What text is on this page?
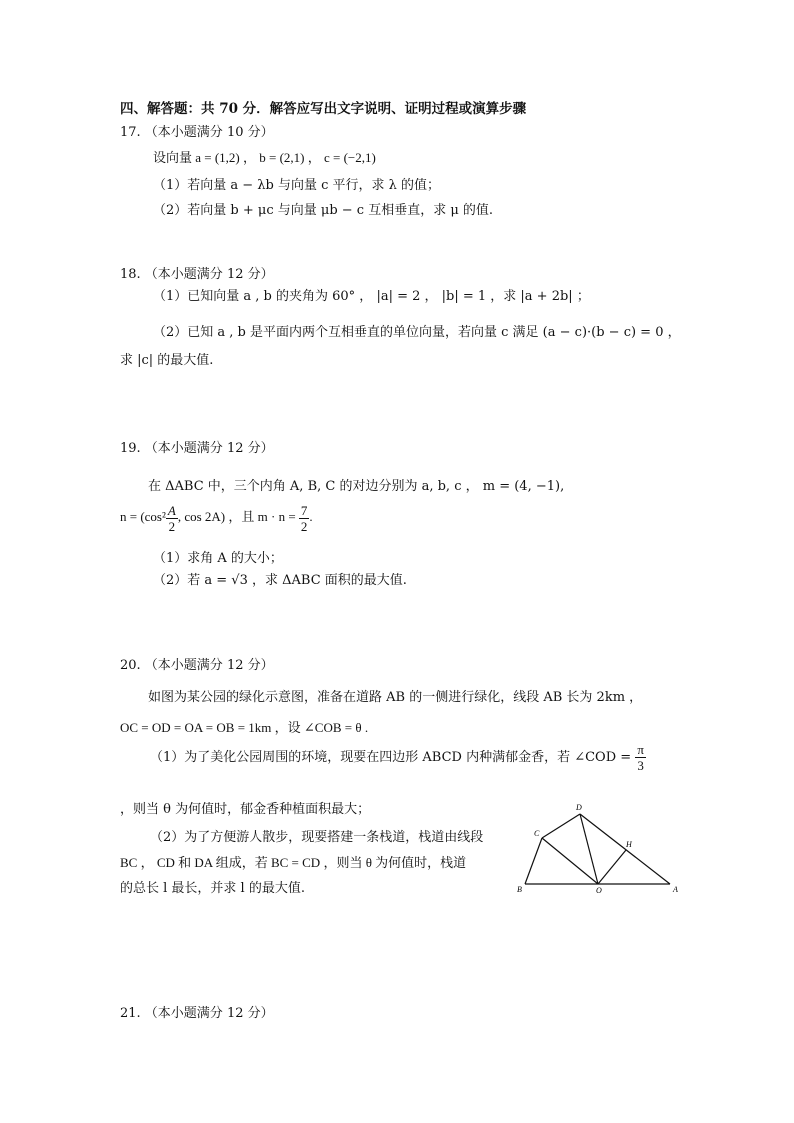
四、解答题：共 70 分．解答应写出文字说明、证明过程或演算步骤
17. （本小题满分 10 分）
设向量 a = (1,2) ， b = (2,1) ， c = (−2,1)
（1）若向量 a − λb 与向量 c 平行，求 λ 的值；
（2）若向量 b + μc 与向量 μb − c 互相垂直，求 μ 的值.
18. （本小题满分 12 分）
（1）已知向量 a , b 的夹角为 60° ， |a| = 2 ， |b| = 1 ，求 |a + 2b| ；
（2）已知 a , b 是平面内两个互相垂直的单位向量，若向量 c 满足 (a − c)·(b − c) = 0 ，
求 |c| 的最大值.
19. （本小题满分 12 分）
在 ΔABC 中，三个内角 A, B, C 的对边分别为 a, b, c ， m = (4, −1),
$n = (\cos^2 \frac{A}{2}$ , cos 2A) ，且 $m \cdot n = \frac{7}{2}$ .
（1）求角 A 的大小；
（2）若 a = √3 ，求 ΔABC 面积的最大值.
20. （本小题满分 12 分）
如图为某公园的绿化示意图，准备在道路 AB 的一侧进行绿化，线段 AB 长为 2km ，
OC = OD = OA = OB = 1km ，设 ∠COB = θ .
（1）为了美化公园周围的环境，现要在四边形 ABCD 内种满郁金香，若 ∠COD = $\frac{\pi}{3}$
，则当 θ 为何值时，郁金香种植面积最大；
（2）为了方便游人散步，现要搭建一条栈道，栈道由线段
BC ， CD 和 DA 组成，若 BC = CD ，则当 θ 为何值时，栈道
的总长 l 最长，并求 l 的最大值.
D
C
H
B	O	A
21. （本小题满分 12 分）
